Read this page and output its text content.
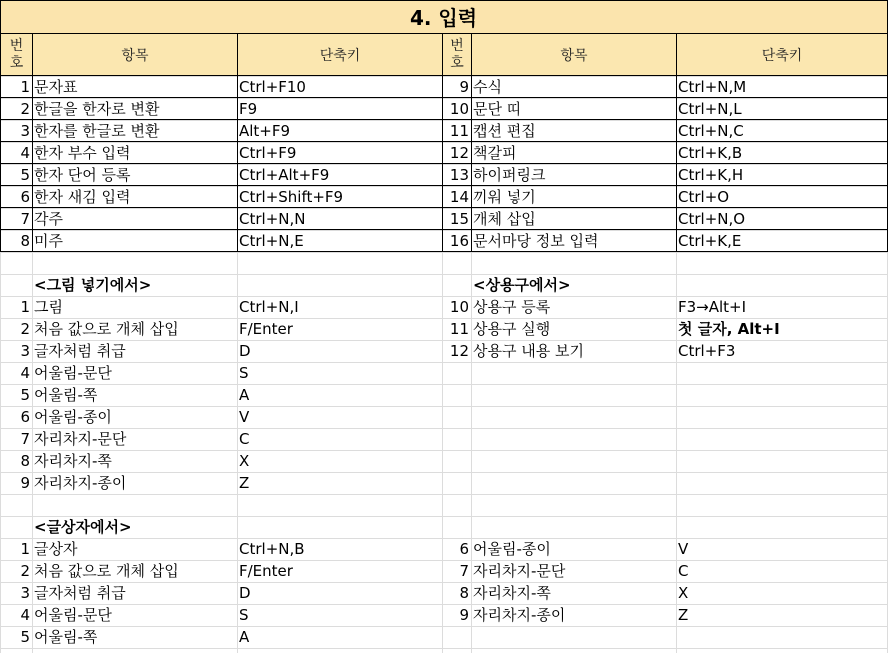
4. 입력
번
호	항목	단축키
번
호	항목	단축키
1 문자표	Ctrl+F10
2 한글을 한자로 변환	F9
3 한자를 한글로 변환	Alt+F9
4 한자 부수 입력	Ctrl+F9
5 한자 단어 등록	Ctrl+Alt+F9
6 한자 새김 입력	Ctrl+Shift+F9
7 각주	Ctrl+N,N
8 미주	Ctrl+N,E
9 수식	Ctrl+N,M
10 문단 띠	Ctrl+N,L
11 캡션 편집	Ctrl+N,C
12 책갈피	Ctrl+K,B
13 하이퍼링크	Ctrl+K,H
14 끼워 넣기	Ctrl+O
15 개체 삽입	Ctrl+N,O
16 문서마당 정보 입력	Ctrl+K,E
<그림 넣기에서>
1 그림	Ctrl+N,I
2 처음 값으로 개체 삽입	F/Enter
3 글자처럼 취급	D
4 어울림-문단	S
5 어울림-쪽	A
6 어울림-종이	V
7 자리차지-문단	C
8 자리차지-쪽	X
9 자리차지-종이	Z
<상용구에서>
10 상용구 등록	F3→Alt+I
11 상용구 실행	첫 글자, Alt+I
12 상용구 내용 보기	Ctrl+F3
<글상자에서>
1 글상자	Ctrl+N,B
2 처음 값으로 개체 삽입	F/Enter
3 글자처럼 취급	D
4 어울림-문단	S
5 어울림-쪽	A
6 어울림-종이	V
7 자리차지-문단	C
8 자리차지-쪽	X
9 자리차지-종이	Z
